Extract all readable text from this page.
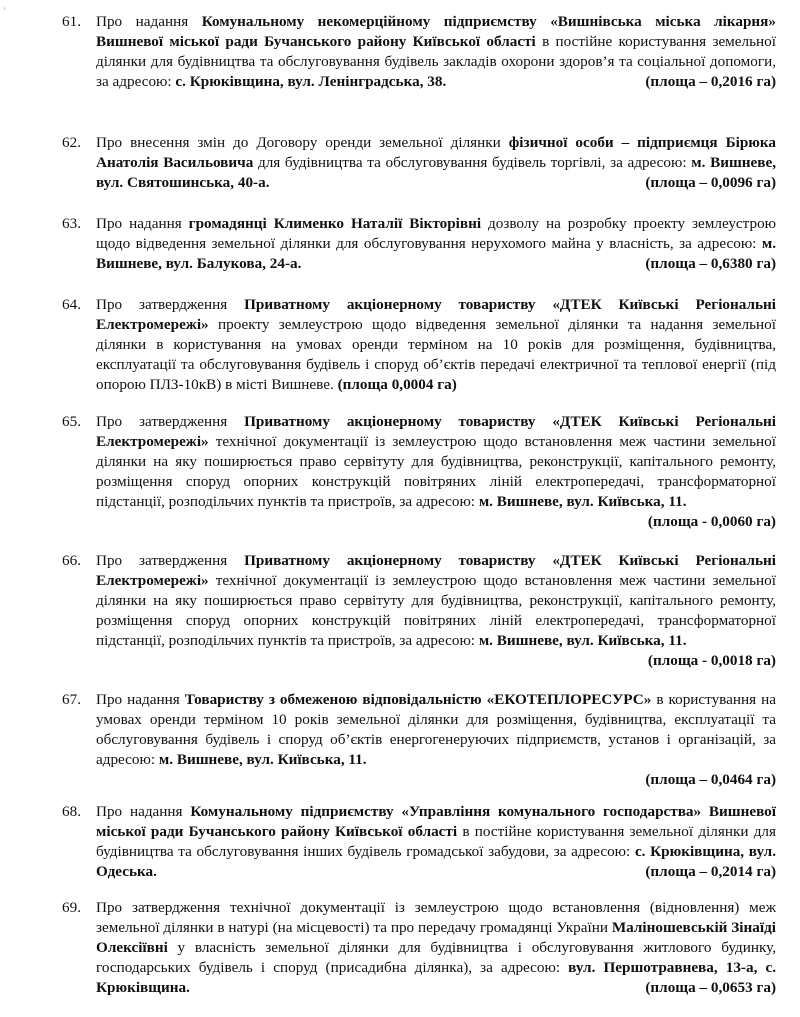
'
61. Про надання Комунальному некомерційному підприємству «Вишнівська міська лікарня» Вишневої міської ради Бучанського району Київської області в постійне користування земельної ділянки для будівництва та обслуговування будівель закладів охорони здоров’я та соціальної допомоги, за адресою: с. Крюківщина, вул. Ленінградська, 38.	(площа – 0,2016 га)
62. Про внесення змін до Договору оренди земельної ділянки фізичної особи – підприємця Бірюка Анатолія Васильовича для будівництва та обслуговування будівель торгівлі, за адресою: м. Вишневе, вул. Святошинська, 40-а.	(площа – 0,0096 га)
63. Про надання громадянці Клименко Наталії Вікторівні дозволу на розробку проекту землеустрою щодо відведення земельної ділянки для обслуговування нерухомого майна у власність, за адресою: м. Вишневе, вул. Балукова, 24-а.	(площа – 0,6380 га)
64. Про затвердження Приватному акціонерному товариству «ДТЕК Київські Регіональні Електромережі» проекту землеустрою щодо відведення земельної ділянки та надання земельної ділянки в користування на умовах оренди терміном на 10 років для розміщення, будівництва, експлуатації та обслуговування будівель і споруд об’єктів передачі електричної та теплової енергії (під опорою ПЛЗ-10кВ) в місті Вишневе. (площа 0,0004 га)
65. Про затвердження Приватному акціонерному товариству «ДТЕК Київські Регіональні Електромережі» технічної документації із землеустрою щодо встановлення меж частини земельної ділянки на яку поширюється право сервітуту для будівництва, реконструкції, капітального ремонту, розміщення споруд опорних конструкцій повітряних ліній електропередачі, трансформаторної підстанції, розподільчих пунктів та пристроїв, за адресою: м. Вишневе, вул. Київська, 11.
(площа - 0,0060 га)
66. Про затвердження Приватному акціонерному товариству «ДТЕК Київські Регіональні Електромережі» технічної документації із землеустрою щодо встановлення меж частини земельної ділянки на яку поширюється право сервітуту для будівництва, реконструкції, капітального ремонту, розміщення споруд опорних конструкцій повітряних ліній електропередачі, трансформаторної підстанції, розподільчих пунктів та пристроїв, за адресою: м. Вишневе, вул. Київська, 11.
(площа - 0,0018 га)
67. Про надання Товариству з обмеженою відповідальністю «ЕКОТЕПЛОРЕСУРС» в користування на умовах оренди терміном 10 років земельної ділянки для розміщення, будівництва, експлуатації та обслуговування будівель і споруд об’єктів енергогенеруючих підприємств, установ і організацій, за адресою: м. Вишневе, вул. Київська, 11.
(площа – 0,0464 га)
68. Про надання Комунальному підприємству «Управління комунального господарства» Вишневої міської ради Бучанського району Київської області в постійне користування земельної ділянки для будівництва та обслуговування інших будівель громадської забудови, за адресою: с. Крюківщина, вул. Одеська.	(площа – 0,2014 га)
69. Про затвердження технічної документації із землеустрою щодо встановлення (відновлення) меж земельної ділянки в натурі (на місцевості) та про передачу громадянці України Маліношевській Зінаїді Олексіївні у власність земельної ділянки для будівництва і обслуговування житлового будинку, господарських будівель і споруд (присадибна ділянка), за адресою: вул. Першотравнева, 13-а, с. Крюківщина.	(площа – 0,0653 га)
